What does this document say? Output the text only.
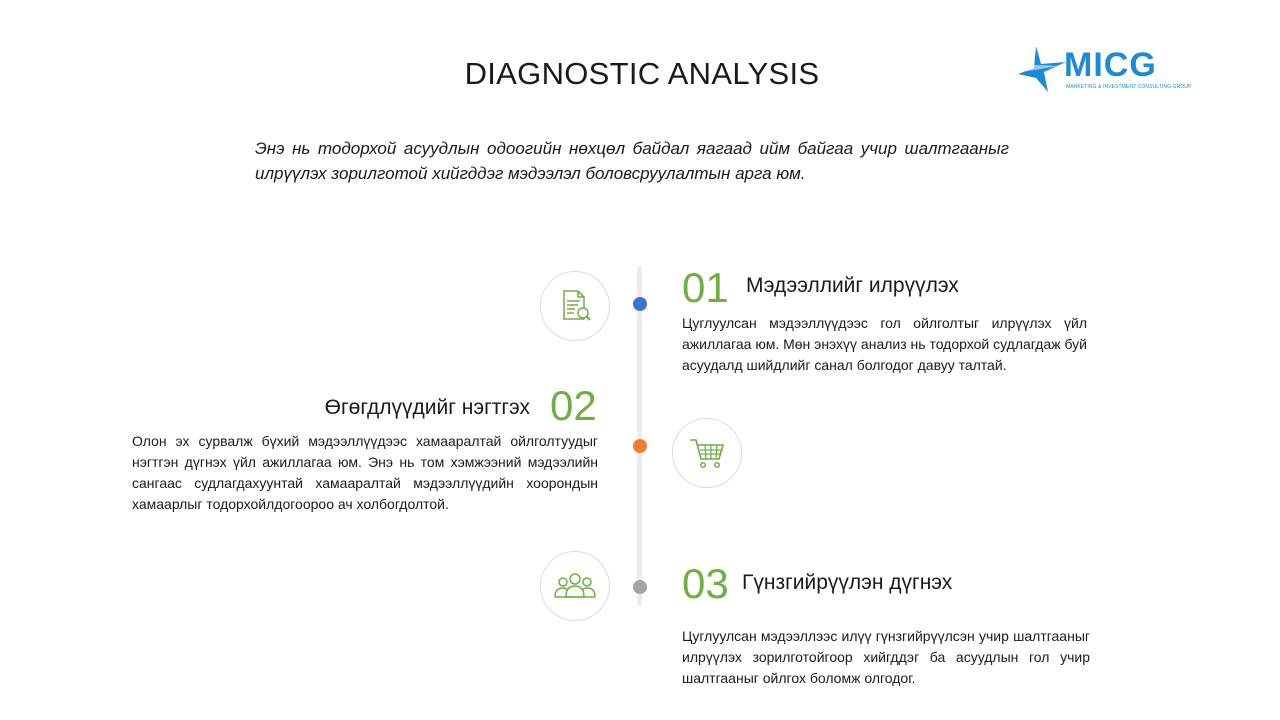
DIAGNOSTIC ANALYSIS	MICG
MARKETING & INVESTMENT CONSULTING GROUP
Энэ нь тодорхой асуудлын одоогийн нөхцөл байдал яагаад ийм байгаа учир шалтгааныг илрүүлэх зорилготой хийгддэг мэдээлэл боловсруулалтын арга юм.
01 Мэдээллийг илрүүлэх
Цуглуулсан мэдээллүүдээс гол ойлголтыг илрүүлэх үйл ажиллагаа юм. Мөн энэхүү анализ нь тодорхой судлагдаж буй асуудалд шийдлийг санал болгодог давуу талтай.
Өгөгдлүүдийг нэгтгэх 02
Олон эх сурвалж бүхий мэдээллүүдээс хамааралтай ойлголтуудыг нэгтгэн дүгнэх үйл ажиллагаа юм. Энэ нь том хэмжээний мэдээлийн сангаас судлагдахуунтай хамааралтай мэдээллүүдийн хоорондын хамаарлыг тодорхойлдогоороо ач холбогдолтой.
03 Гүнзгийрүүлэн дүгнэх
Цуглуулсан мэдээллээс илүү гүнзгийрүүлсэн учир шалтгааныг илрүүлэх зорилготойгоор хийгддэг ба асуудлын гол учир шалтгааныг ойлгох боломж олгодог.
